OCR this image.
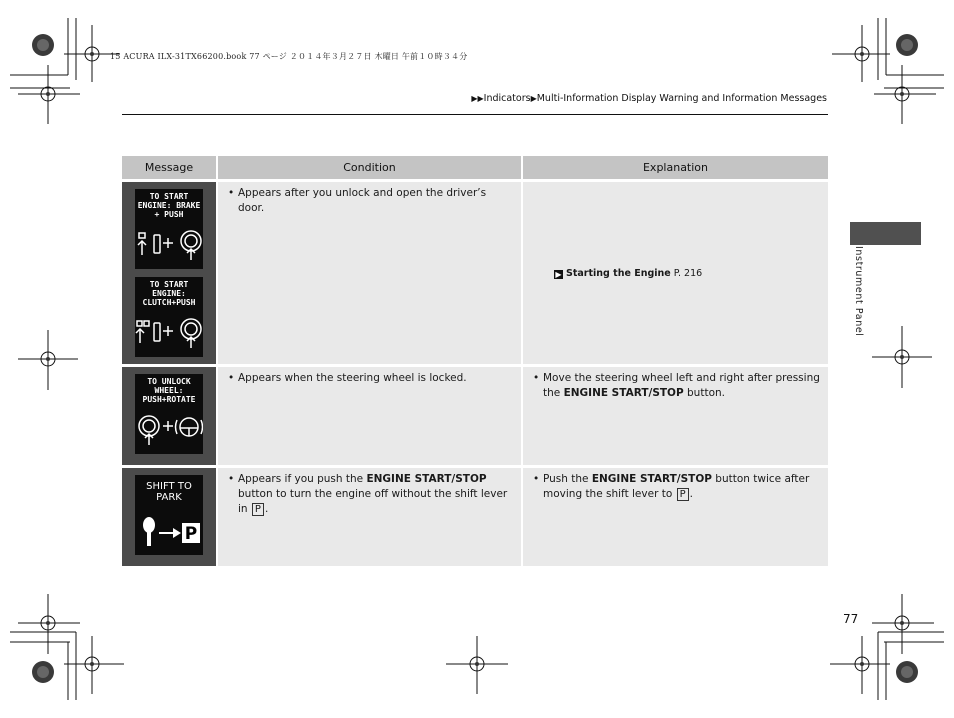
15 ACURA ILX-31TX66200.book 77 ページ ２０１４年３月２７日 木曜日 午前１０時３４分
▶▶Indicators▶Multi-Information Display Warning and Information Messages
Instrument Panel
Message	Condition	Explanation

TO START ENGINE: BRAKE + PUSH
TO START ENGINE: CLUTCH+PUSH	• Appears after you unlock and open the driver’s door.	▶ Starting the Engine P. 216

TO UNLOCK WHEEL: PUSH+ROTATE	• Appears when the steering wheel is locked.	• Move the steering wheel left and right after pressing the ENGINE START/STOP button.

SHIFT TO PARK
P	• Appears if you push the ENGINE START/STOP button to turn the engine off without the shift lever in P .	• Push the ENGINE START/STOP button twice after moving the shift lever to P .
77
